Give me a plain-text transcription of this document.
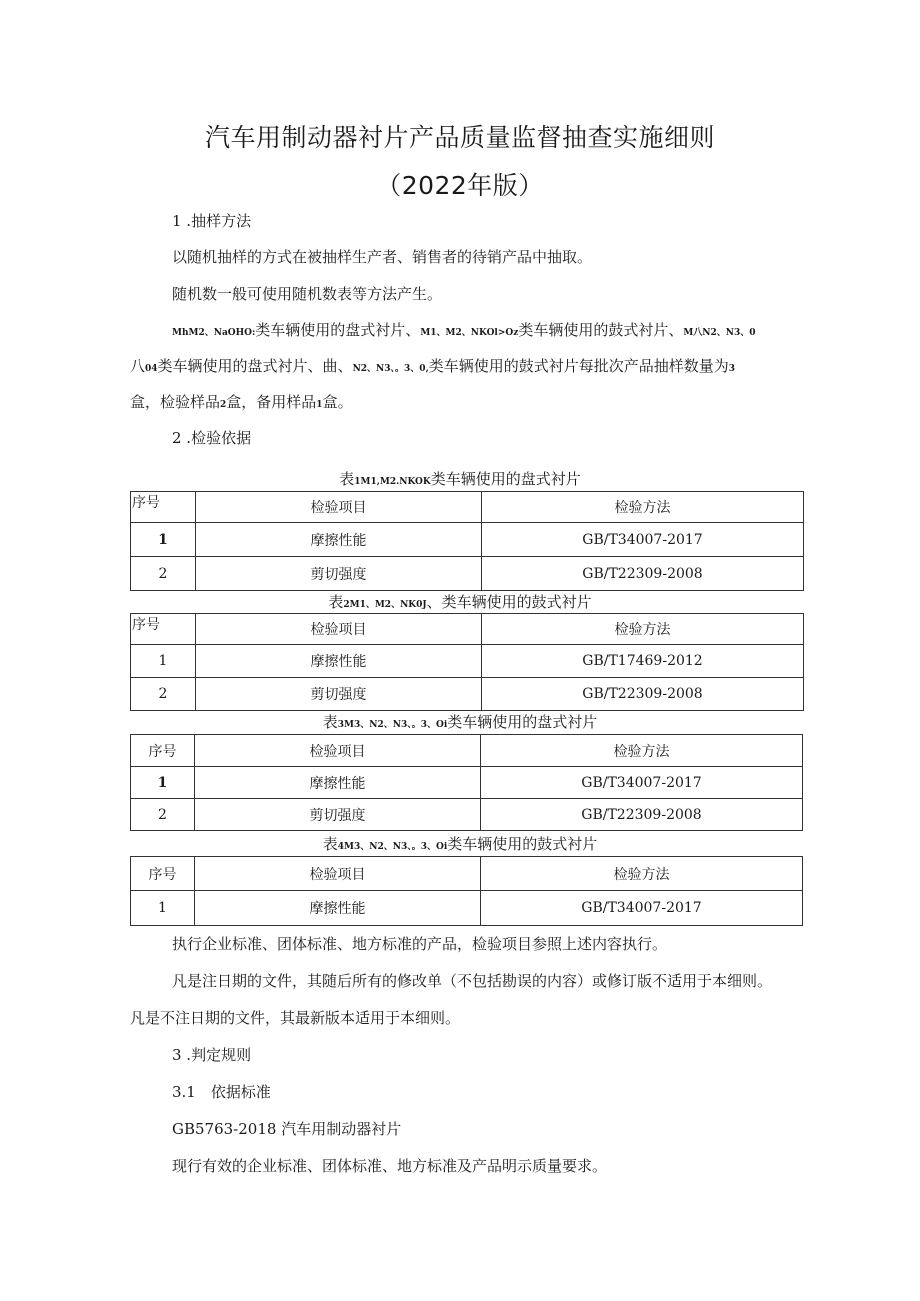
汽车用制动器衬片产品质量监督抽查实施细则
（2022年版）
1 .抽样方法
以随机抽样的方式在被抽样生产者、销售者的待销产品中抽取。
随机数一般可使用随机数表等方法产生。
MhM2、NaOHO:类车辆使用的盘式衬片、M1、M2、NKOl>Oz类车辆使用的鼓式衬片、M八N2、N3、0
八04类车辆使用的盘式衬片、曲、N2、N3、。3、0,类车辆使用的鼓式衬片每批次产品抽样数量为3
盒，检验样品2盒，备用样品1盒。
2 .检验依据
表1M1,M2.NKOK类车辆使用的盘式衬片
序号	检验项目	检验方法
1	摩擦性能	GB/T34007-2017
2	剪切强度	GB/T22309-2008
表2M1、M2、NK0J、类车辆使用的鼓式衬片
序号	检验项目	检验方法
1	摩擦性能	GB/T17469-2012
2	剪切强度	GB/T22309-2008
表3M3、N2、N3、。3、Oi类车辆使用的盘式衬片
序号	检验项目	检验方法
1	摩擦性能	GB/T34007-2017
2	剪切强度	GB/T22309-2008
表4M3、N2、N3、。3、Oi类车辆使用的鼓式衬片
序号	检验项目	检验方法
1	摩擦性能	GB/T34007-2017
执行企业标准、团体标准、地方标准的产品，检验项目参照上述内容执行。
凡是注日期的文件，其随后所有的修改单（不包括勘误的内容）或修订版不适用于本细则。
凡是不注日期的文件，其最新版本适用于本细则。
3 .判定规则
3.1　依据标准
GB5763-2018 汽车用制动器衬片
现行有效的企业标准、团体标准、地方标准及产品明示质量要求。
